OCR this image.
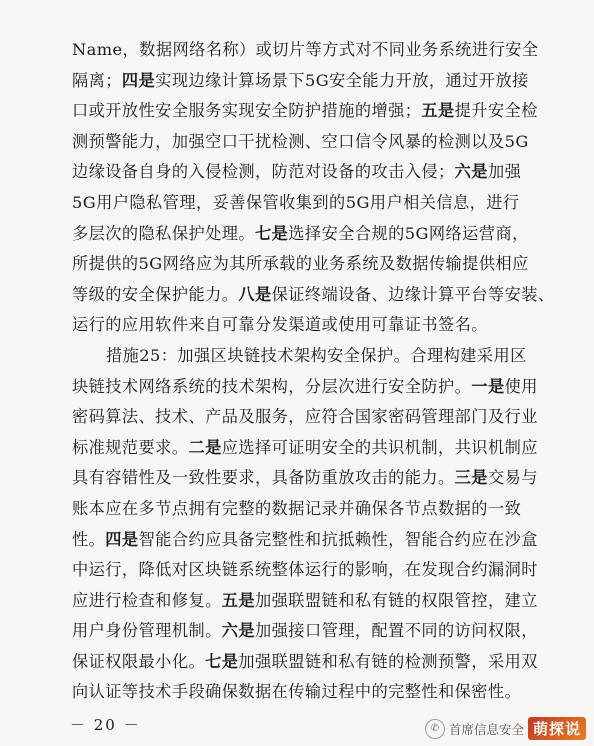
Name，数据网络名称）或切片等方式对不同业务系统进行安全
隔离；四是实现边缘计算场景下5G安全能力开放，通过开放接
口或开放性安全服务实现安全防护措施的增强；五是提升安全检
测预警能力，加强空口干扰检测、空口信令风暴的检测以及5G
边缘设备自身的入侵检测，防范对设备的攻击入侵；六是加强
5G用户隐私管理，妥善保管收集到的5G用户相关信息，进行
多层次的隐私保护处理。七是选择安全合规的5G网络运营商，
所提供的5G网络应为其所承载的业务系统及数据传输提供相应
等级的安全保护能力。八是保证终端设备、边缘计算平台等安装、
运行的应用软件来自可靠分发渠道或使用可靠证书签名。
措施25：加强区块链技术架构安全保护。合理构建采用区
块链技术网络系统的技术架构，分层次进行安全防护。一是使用
密码算法、技术、产品及服务，应符合国家密码管理部门及行业
标准规范要求。二是应选择可证明安全的共识机制，共识机制应
具有容错性及一致性要求，具备防重放攻击的能力。三是交易与
账本应在多节点拥有完整的数据记录并确保各节点数据的一致
性。四是智能合约应具备完整性和抗抵赖性，智能合约应在沙盒
中运行，降低对区块链系统整体运行的影响，在发现合约漏洞时
应进行检查和修复。五是加强联盟链和私有链的权限管控，建立
用户身份管理机制。六是加强接口管理，配置不同的访问权限，
保证权限最小化。七是加强联盟链和私有链的检测预警，采用双
向认证等技术手段确保数据在传输过程中的完整性和保密性。
－ 20 －	✆ 首席信息安全 萌探说
